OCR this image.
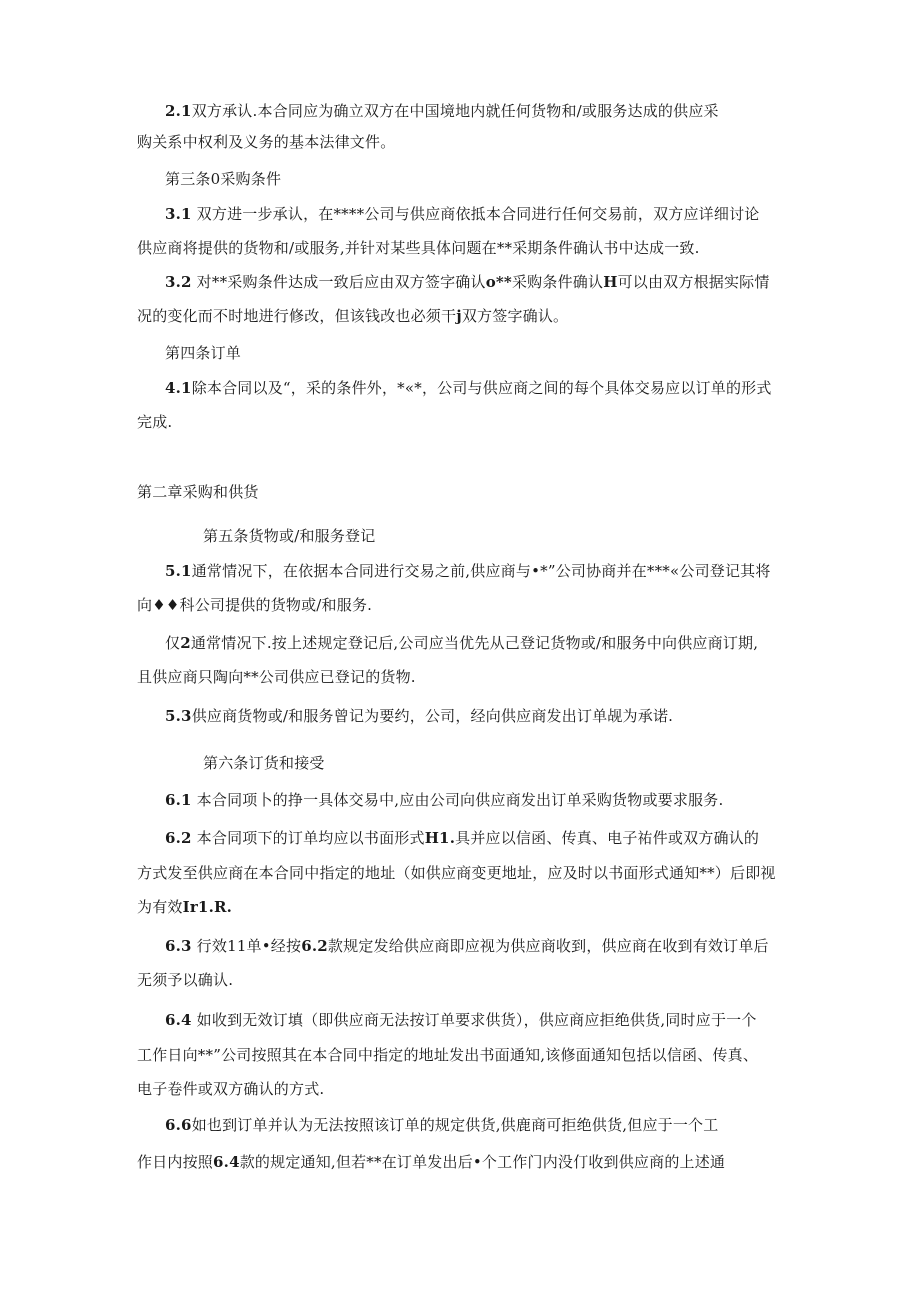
2.1双方承认.本合同应为确立双方在中国境地内就任何货物和/或服务达成的供应采
购关系中权利及义务的基本法律文件。
第三条0采购条件
3.1 双方进一步承认，在****公司与供应商依抵本合同进行任何交易前，双方应详细讨论
供应商将提供的货物和/或服务,并针对某些具体问题在**采期条件确认书中达成一致.
3.2 对**采购条件达成一致后应由双方签字确认o**采购条件确认H可以由双方根据实际情
况的变化而不时地进行修改，但该钱改也必须干j双方签字确认。
第四条订单
4.1除本合同以及“，采的条件外，*«*，公司与供应商之间的每个具体交易应以订单的形式
完成.
第二章采购和供货
第五条货物或/和服务登记
5.1通常情况下，在依据本合同进行交易之前,供应商与•*”公司协商并在***«公司登记其将
向♦♦科公司提供的货物或/和服务.
仅2通常情况下.按上述规定登记后,公司应当优先从己登记货物或/和服务中向供应商订期,
且供应商只陶向**公司供应已登记的货物.
5.3供应商货物或/和服务曾记为要约，公司，经向供应商发出订单觇为承诺.
第六条订货和接受
6.1 本合同项卜的挣一具体交易中,应由公司向供应商发出订单采购货物或要求服务.
6.2 本合同项下的订单均应以书面形式H1.具并应以信函、传真、电子祐件或双方确认的
方式发至供应商在本合同中指定的地址（如供应商变更地址，应及时以书面形式通知**）后即视
为有效Ir1.R.
6.3 行效11单•经按6.2款规定发给供应商即应视为供应商收到，供应商在收到有效订单后
无须予以确认.
6.4 如收到无效订填（即供应商无法按订单要求供货），供应商应拒绝供货,同时应于一个
工作日向**”公司按照其在本合同中指定的地址发出书面通知,该修面通知包括以信函、传真、
电子卷件或双方确认的方式.
6.6如也到订单并认为无法按照该订单的规定供货,供鹿商可拒绝供货,但应于一个工
作日内按照6.4款的规定通知,但若**在订单发出后•个工作门内没仃收到供应商的上述通
